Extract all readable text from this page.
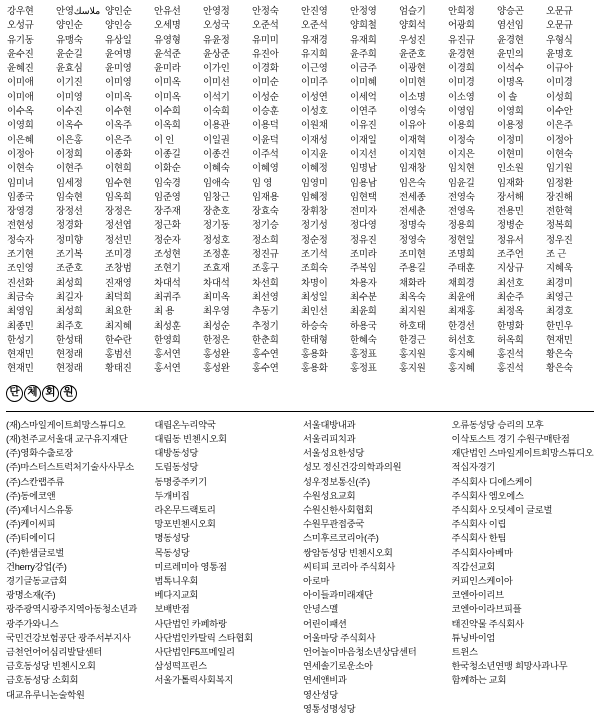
강우현	안영ملاسك 양인순	안유선	안영정	안정숙	안진영	안정영	엄슬기	안희정	양승곤	오문규
오성규	양인순	양인승	오세명	오성국	오준석	오준석	양희철	양회석	어광희	염선임	오문규
유기동	유맹숙	유상일	유영형	유윤정	유미미	유재경	유재희	우성진	유진규	윤경현	우형식
윤수진	윤순길	윤여명	윤석준	윤상준	유진아	유지희	윤주희	윤준호	윤경현	윤민의	윤명호
윤혜진	윤효심	윤미영	윤미라	이가인	이경화	이근영	이금주	이광현	이경희	이석수	이규아
이미애	이기진	이미영	이미옥	이미선	이미순	이미주	이미혜	이미현	이미경	이명옥	이미경
이미애	이미영	이미옥	이미옥	이석기	이성순	이성연	이세억	이소명	이소영	이 솔	이성희
이수옥	이수진	이수현	이수희	이숙희	이승훈	이성호	이연주	이영숙	이영임	이영희	이수안
이영희	이옥수	이옥주	이옥희	이용관	이용덕	이원채	이유진	이유아	이용희	이용정	이은주
이은혜	이은홍	이은주	이 인	이일권	이윤덕	이재성	이재일	이재혁	이정숙	이정미	이정아
이정아	이정희	이종화	이종길	이종건	이주석	이지윤	이지선	이지현	이지은	이현미	이현숙
이현숙	이현주	이현희	이화순	이혜숙	이혜영	이혜정	임명남	임재창	임치현	인소원	임기원
임미녀	임세정	임수현	임숙경	임애숙	임 영	임영미	임용남	임은숙	임윤길	임재화	임정환
임종국	임숙현	임옥희	임준영	임창근	임재용	임혜정	임현택	전세종	전영숙	장서해	장진해
장영경	장정선	장정은	장주재	장춘호	장효숙	장휘창	전미자	전세춘	전영옥	전용민	전한혁
전현성	정경화	정선엽	정근화	정기동	정기승	정기성	정다영	정명숙	정용희	정병순	정복희
정숙자	정미향	정선민	정순자	정성호	정소희	정순정	정유진	정영숙	정현일	정유서	정우진
조기현	조기복	조미경	조성현	조정훈	정진규	조기석	조미라	조미현	조명희	조주언	조 근
조인영	조준호	조창범	조현기	조효재	조홍구	조희숙	주복임	주용길	주태훈	지상규	지혜욱
진선화	최성희	진재영	차대석	차대석	차선희	차명이	차용자	채화라	채희경	최선호	최경미
최금숙	최길자	최덕희	최귀주	최미옥	최선영	최성일	최수분	최옥숙	최윤애	최순주	최영근
최영임	최성희	최요한	최 용	최우영	추동기	최인선	최윤희	최지원	최재홍	최정옥	최경호
최종민	최주호	최지혜	최성훈	최성순	추정기	하승숙	하용국	하호태	한경선	한명화	한민우
한성기	한성태	한수란	한영희	한정은	한춘희	한태형	한혜숙	한경근	허선호	허옥희	현재민
현재민	현정래	홍범선	홍서연	홍성완	홍수연	홍용화	홍정표	홍지원	홍지혜	홍진석	황은숙
현재민	현정래	황태진	홍서연	홍성완	홍수연	홍용화	홍정표	홍지원	홍지혜	홍진석	황은숙
단 체 회 원
(재)스마일게이트희망스튜디오
(재)천주교서울대 교구유지재단
(주)영화수출로장
(주)마스터스트럭처기술사사무소
(주)스칸랩주류
(주)동에코앤
(주)제너시스유통
(주)케이씨피
(주)티에이디
(주)한샘글로벌
건herry강업(주)
경기글동교급회
광명소재(주)
광주광역시광주지역아동청소년과
광주가와니스
국민건강보험공단 광주서부지사
금천언어어심리발달센터
금호동성당 빈첸시오회
금호동성당 소회회
대교유루니논술학원
대림온누리약국
대림동 빈첸시오회
대방동성당
도림동성당
동명중주키기
두개비집
라온무드랙토리
망포빈첸시오회
명동성당
목동성당
미르레미아 영통점
범톡니우회
베다지교회
보배반점
사단법인 카페하랑
사단법인카탈릭 스타협회
사단법인F5프메일리
삼성떡프린스
서울가톨릭사회복지
서울대방내과
서울리피치과
서울성요한성당
성모 정신건강의학과의원
성우정보통신(주)
수원성요교회
수원신한사회협회
수원무관접중국
스미후르코리아(주)
쌍암동성당 빈첸시오회
씨티피 코리아 주식회사
아로마
아이들과미래재단
안녕스멜
어린이패션
어울마당 주식회사
언어놀이마음청소년상담센터
연세솔기로운소아
연세앤비과
영산성당
영통성명성당
오류동성당 승리의 모후
이삭토스트 경기 수원구매탄점
재단법인 스마일게이트희망스튜디오
적십자경기
주식회사 디에스케이
주식회사 엠오에스
주식회사 오딧세이 글로벌
주식회사 이립
주식회사 한팀
주식회사아베마
직감선교회
커피인스케이아
코엔아이리브
코엔아이라브피플
태진약물 주식회사
튜닝바이엄
트윈스
한국청소년연맹 희망사과나무
함께하는 교회
